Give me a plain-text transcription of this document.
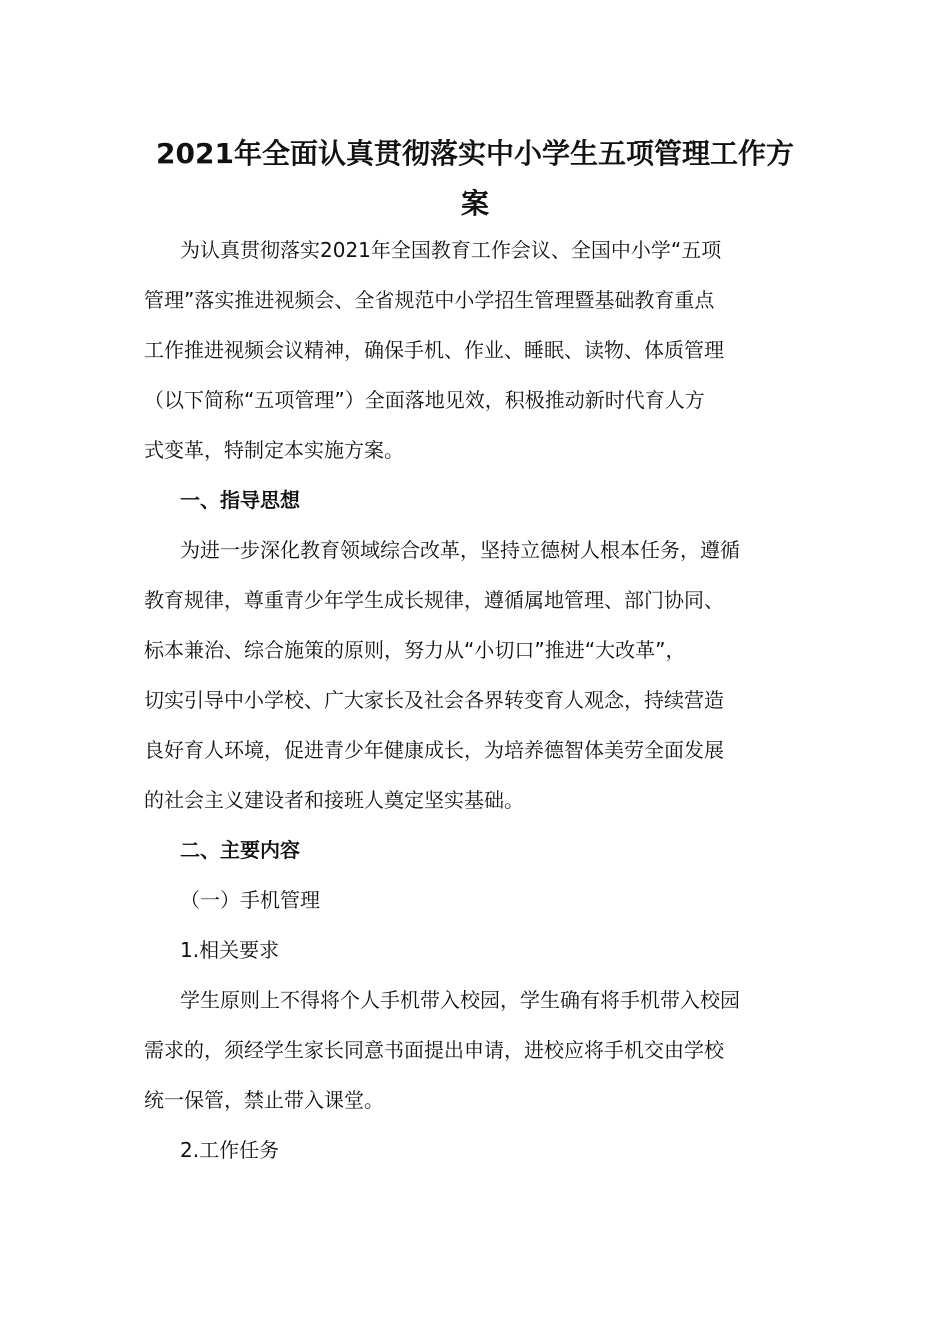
2021年全面认真贯彻落实中小学生五项管理工作方
案
为认真贯彻落实2021年全国教育工作会议、全国中小学“五项
管理”落实推进视频会、全省规范中小学招生管理暨基础教育重点
工作推进视频会议精神，确保手机、作业、睡眠、读物、体质管理
（以下简称“五项管理”）全面落地见效，积极推动新时代育人方
式变革，特制定本实施方案。
一、指导思想
为进一步深化教育领域综合改革，坚持立德树人根本任务，遵循
教育规律，尊重青少年学生成长规律，遵循属地管理、部门协同、
标本兼治、综合施策的原则，努力从“小切口”推进“大改革”，
切实引导中小学校、广大家长及社会各界转变育人观念，持续营造
良好育人环境，促进青少年健康成长，为培养德智体美劳全面发展
的社会主义建设者和接班人奠定坚实基础。
二、主要内容
（一）手机管理
1.相关要求
学生原则上不得将个人手机带入校园，学生确有将手机带入校园
需求的，须经学生家长同意书面提出申请，进校应将手机交由学校
统一保管，禁止带入课堂。
2.工作任务
